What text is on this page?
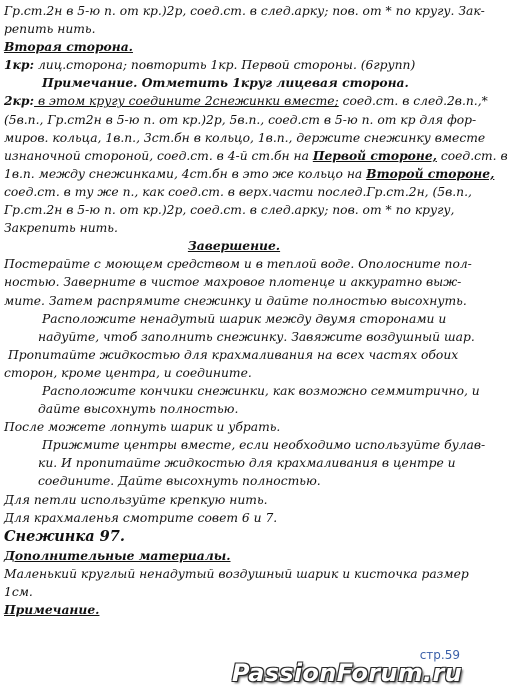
Гр.ст.2н в 5-ю п. от кр.)2р, соед.ст. в след.арку; пов. от * по кругу. Зак-
репить нить.
Вторая сторона.
1кр: лиц.сторона; повторить 1кр. Первой стороны. (6групп)
Примечание. Отметить 1круг лицевая сторона.
2кр: в этом кругу соедините 2снежинки вместе; соед.ст. в след.2в.п.,*
(5в.п., Гр.ст2н в 5-ю п. от кр.)2р, 5в.п., соед.ст в 5-ю п. от кр для фор-
миров. кольца, 1в.п., 3ст.бн в кольцо, 1в.п., держите снежинку вместе
изнаночной стороной, соед.ст. в 4-й ст.бн на Первой стороне, соед.ст. в
1в.п. между снежинками, 4ст.бн в это же кольцо на Второй стороне,
соед.ст. в ту же п., как соед.ст. в верх.части послед.Гр.ст.2н, (5в.п.,
Гр.ст.2н в 5-ю п. от кр.)2р, соед.ст. в след.арку; пов. от * по кругу,
Закрепить нить.
Завершение.
Постерайте с моющем средством и в теплой воде. Ополосните пол-
ностью. Заверните в чистое махровое плотенце и аккуратно выж-
мите. Затем распрямите снежинку и дайте полностью высохнуть.
Расположите ненадутый шарик между двумя сторонами и
надуйте, чтоб заполнить снежинку. Завяжите воздушный шар.
Пропитайте жидкостью для крахмаливания на всех частях обоих
сторон, кроме центра, и соедините.
Расположите кончики снежинки, как возможно семмитрично, и
дайте высохнуть полностью.
После можете лопнуть шарик и убрать.
Прижмите центры вместе, если необходимо используйте булав-
ки. И пропитайте жидкостью для крахмаливания в центре и
соедините. Дайте высохнуть полностью.
Для петли используйте крепкую нить.
Для крахмаленья смотрите совет 6 и 7.
Снежинка 97.
Дополнительные материалы.
Маленький круглый ненадутый воздушный шарик и кисточка размер
1см.
Примечание.
стр.59
PassionForum.ru
